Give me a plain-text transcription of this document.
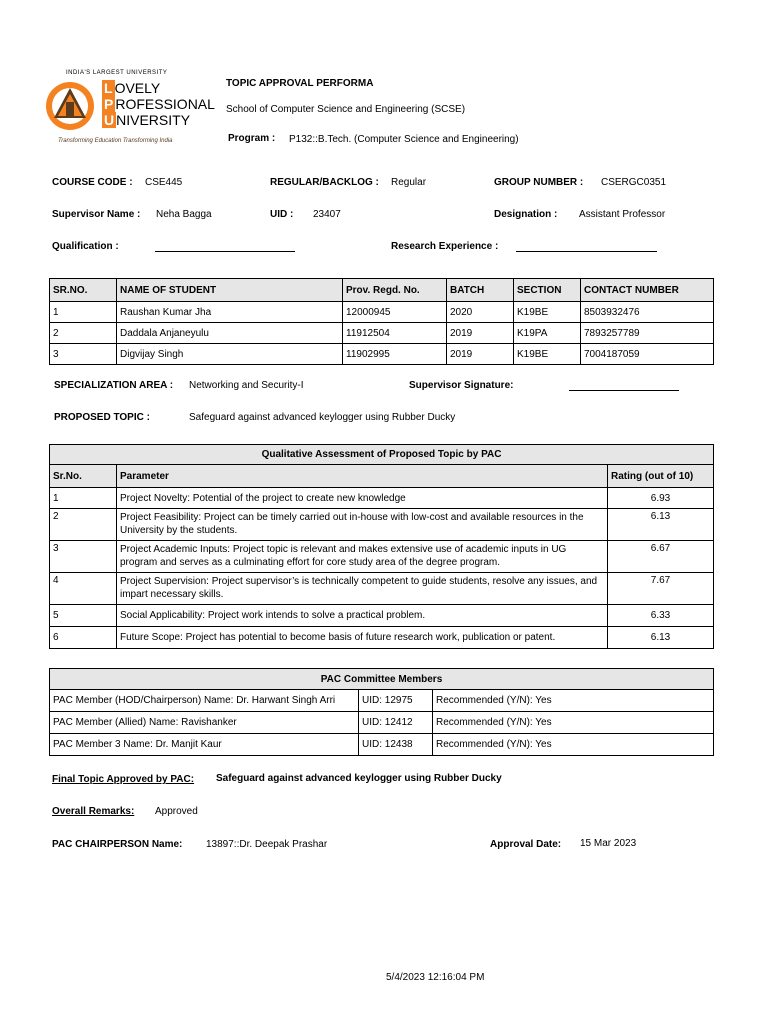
INDIA'S LARGEST UNIVERSITY
L OVELY
P ROFESSIONAL
U NIVERSITY
Transforming Education Transforming India
TOPIC APPROVAL PERFORMA
School of Computer Science and Engineering (SCSE)
Program : P132::B.Tech. (Computer Science and Engineering)
COURSE CODE : CSE445	REGULAR/BACKLOG : Regular	GROUP NUMBER : CSERGC0351
Supervisor Name : Neha Bagga	UID : 23407	Designation : Assistant Professor
Qualification :	Research Experience :
SR.NO.	NAME OF STUDENT	Prov. Regd. No.	BATCH	SECTION	CONTACT NUMBER
1	Raushan Kumar Jha	12000945	2020	K19BE	8503932476
2	Daddala Anjaneyulu	11912504	2019	K19PA	7893257789
3	Digvijay Singh	11902995	2019	K19BE	7004187059
SPECIALIZATION AREA : Networking and Security-I	Supervisor Signature:
PROPOSED TOPIC :	Safeguard against advanced keylogger using Rubber Ducky
Qualitative Assessment of Proposed Topic by PAC		
Sr.No.	Parameter	Rating (out of 10)
1	Project Novelty: Potential of the project to create new knowledge	6.93
2	Project Feasibility: Project can be timely carried out in-house with low-cost and available resources in the University by the students.	6.13
3	Project Academic Inputs: Project topic is relevant and makes extensive use of academic inputs in UG program and serves as a culminating effort for core study area of the degree program.	6.67
4	Project Supervision: Project supervisor’s is technically competent to guide students, resolve any issues, and impart necessary skills.	7.67
5	Social Applicability: Project work intends to solve a practical problem.	6.33
6	Future Scope: Project has potential to become basis of future research work, publication or patent.	6.13
PAC Committee Members		
PAC Member (HOD/Chairperson) Name: Dr. Harwant Singh Arri	UID: 12975	Recommended (Y/N): Yes
PAC Member (Allied) Name: Ravishanker	UID: 12412	Recommended (Y/N): Yes
PAC Member 3 Name: Dr. Manjit Kaur	UID: 12438	Recommended (Y/N): Yes
Final Topic Approved by PAC: Safeguard against advanced keylogger using Rubber Ducky
Overall Remarks: Approved
PAC CHAIRPERSON Name: 13897::Dr. Deepak Prashar	Approval Date: 15 Mar 2023
5/4/2023 12:16:04 PM
